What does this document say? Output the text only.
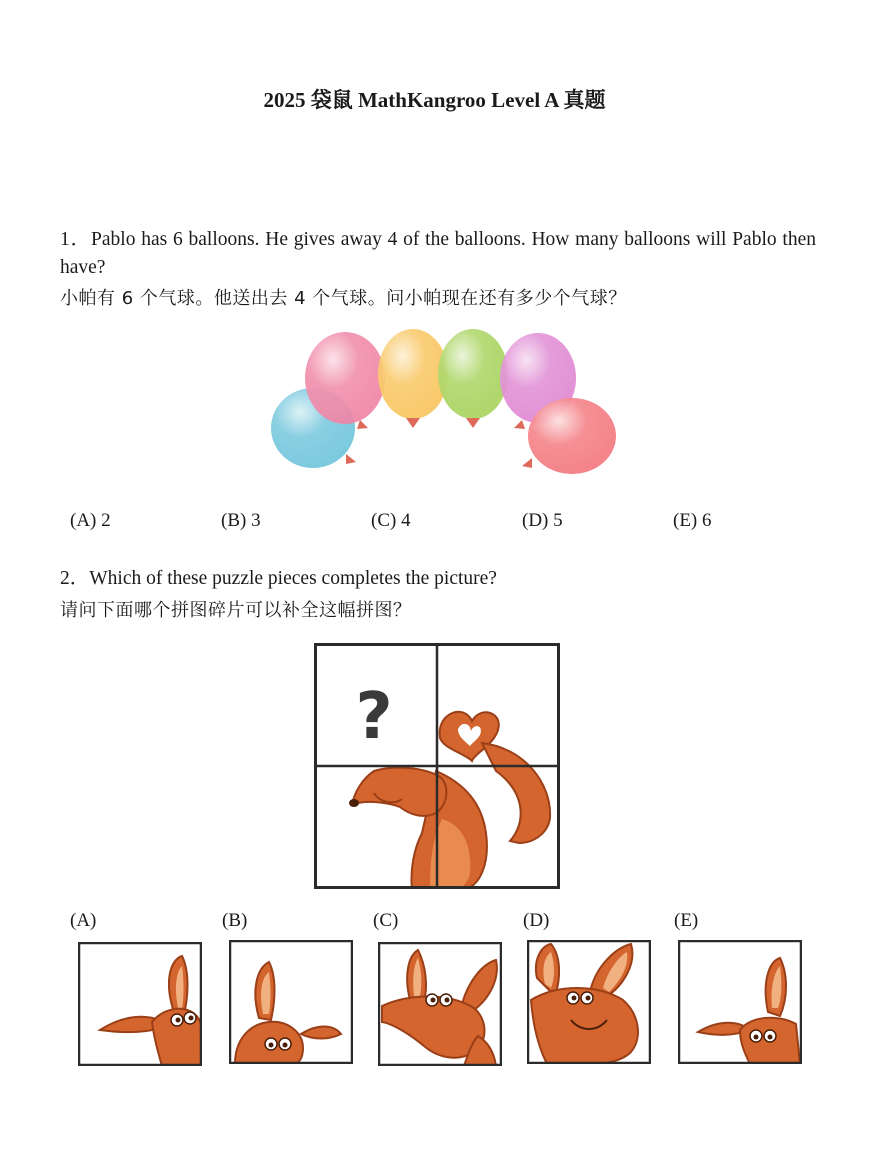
2025 袋鼠 MathKangroo Level A 真题
1．Pablo has 6 balloons. He gives away 4 of the balloons. How many balloons will Pablo then have?
小帕有 6 个气球。他送出去 4 个气球。问小帕现在还有多少个气球？
(A) 2	(B) 3	(C) 4	(D) 5	(E) 6
2．Which of these puzzle pieces completes the picture?
请问下面哪个拼图碎片可以补全这幅拼图？
?
(A)	(B)	(C)	(D)	(E)
